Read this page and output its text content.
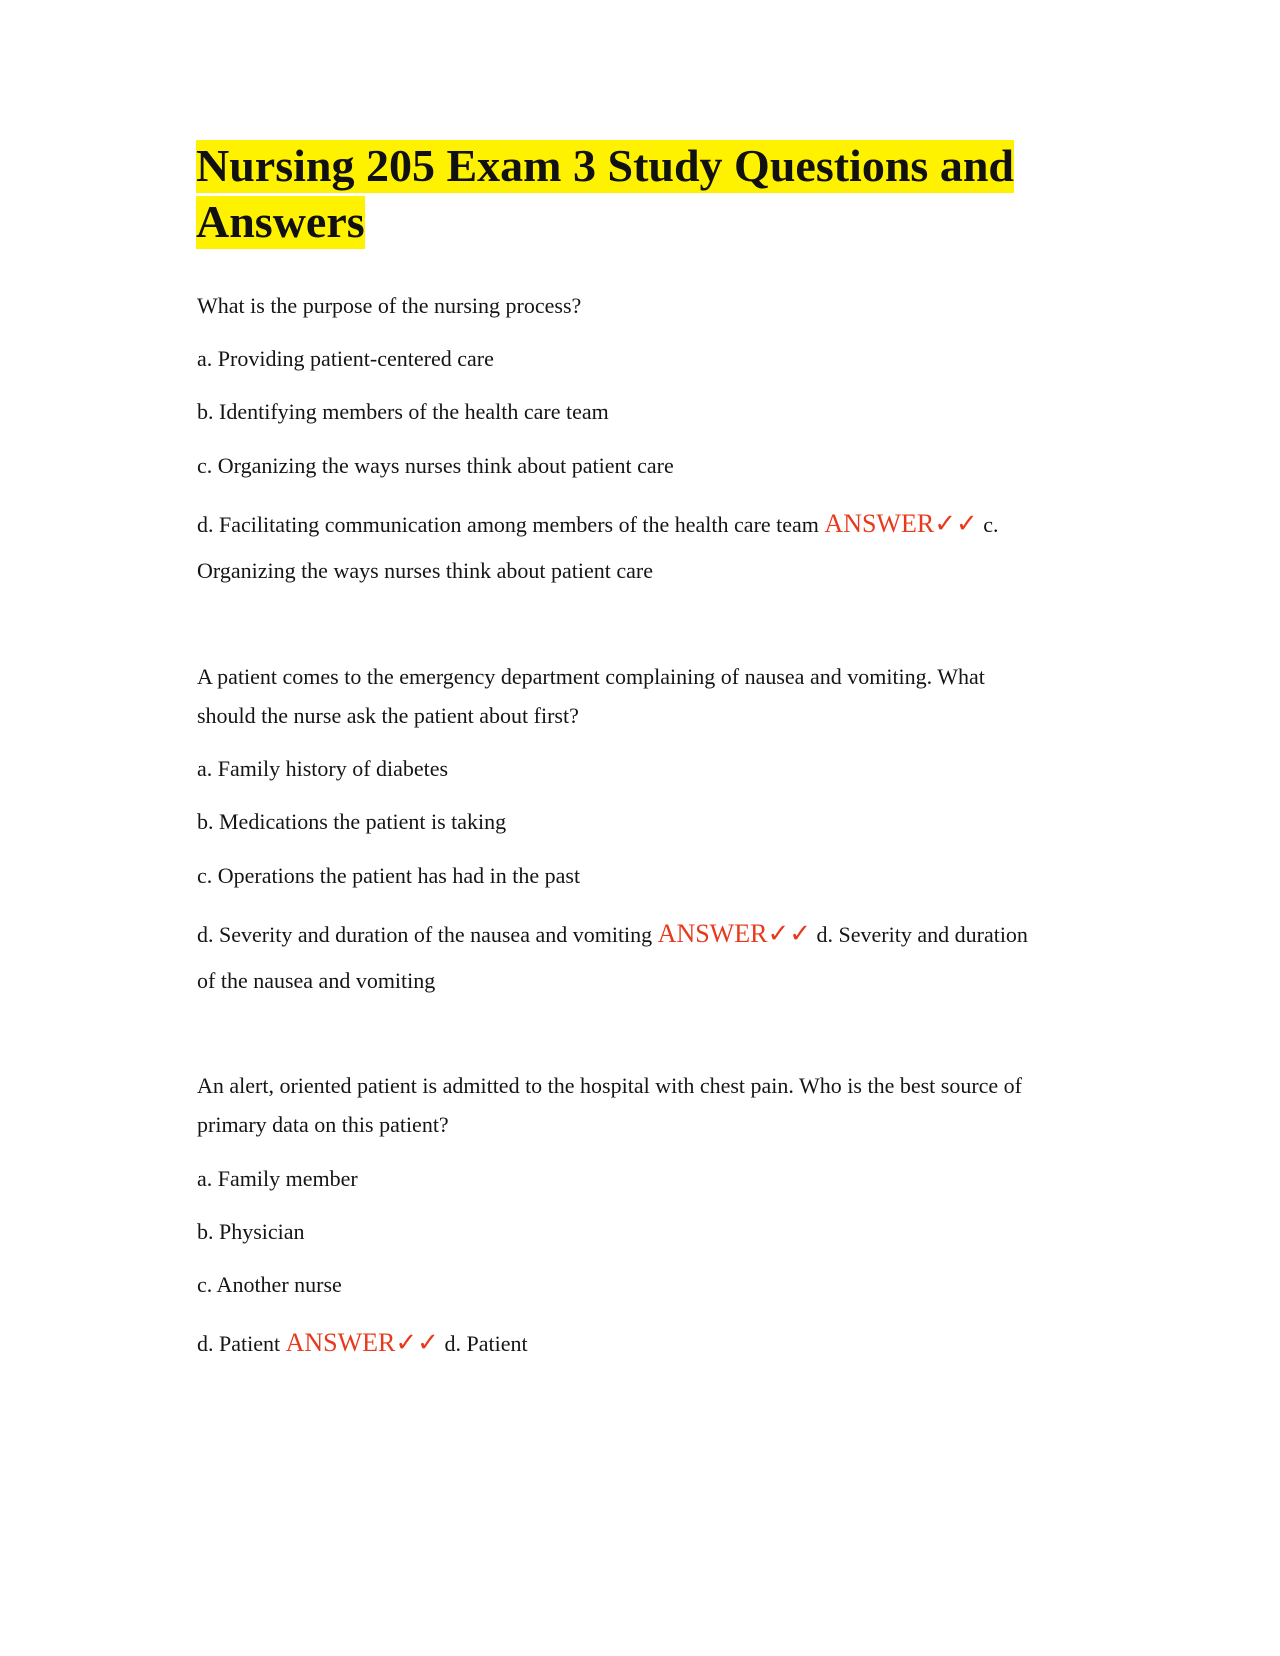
Nursing 205 Exam 3 Study Questions and Answers

What is the purpose of the nursing process?

a. Providing patient-centered care

b. Identifying members of the health care team

c. Organizing the ways nurses think about patient care

d. Facilitating communication among members of the health care team ANSWER✓✓ c.

Organizing the ways nurses think about patient care

A patient comes to the emergency department complaining of nausea and vomiting. What

should the nurse ask the patient about first?

a. Family history of diabetes

b. Medications the patient is taking

c. Operations the patient has had in the past

d. Severity and duration of the nausea and vomiting ANSWER✓✓ d. Severity and duration

of the nausea and vomiting

An alert, oriented patient is admitted to the hospital with chest pain. Who is the best source of

primary data on this patient?

a. Family member

b. Physician

c. Another nurse

d. Patient ANSWER✓✓ d. Patient
